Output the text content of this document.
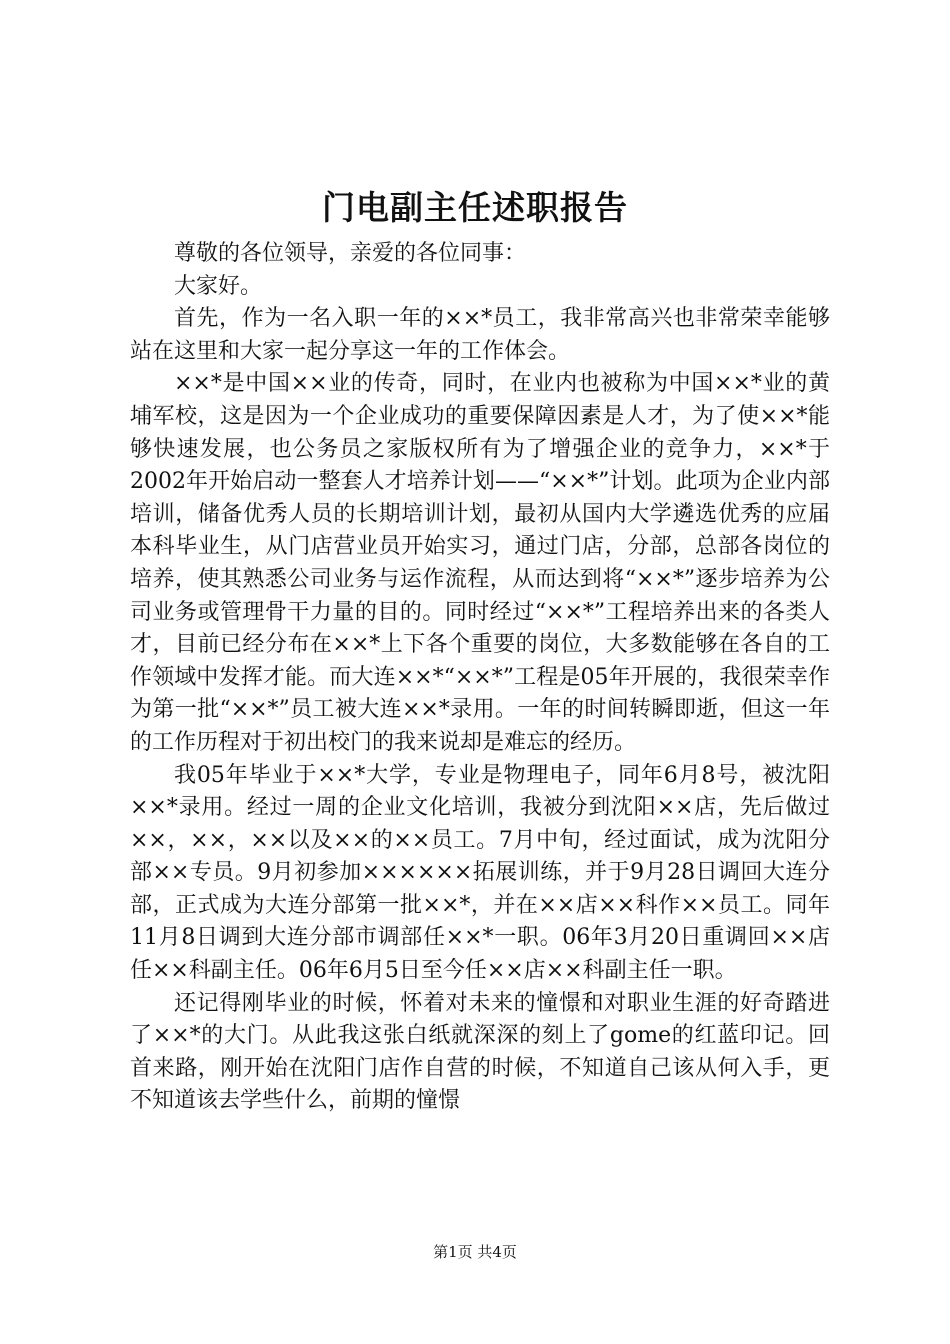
门电副主任述职报告

尊敬的各位领导，亲爱的各位同事：

大家好。

首先，作为一名入职一年的××*员工，我非常高兴也非常荣幸能够站在这里和大家一起分享这一年的工作体会。

××*是中国××业的传奇，同时，在业内也被称为中国××*业的黄埔军校，这是因为一个企业成功的重要保障因素是人才，为了使××*能够快速发展，也公务员之家版权所有为了增强企业的竞争力，××*于2002年开始启动一整套人才培养计划——“××*”计划。此项为企业内部培训，储备优秀人员的长期培训计划，最初从国内大学遴选优秀的应届本科毕业生，从门店营业员开始实习，通过门店，分部，总部各岗位的培养，使其熟悉公司业务与运作流程，从而达到将“××*”逐步培养为公司业务或管理骨干力量的目的。同时经过“××*”工程培养出来的各类人才，目前已经分布在××*上下各个重要的岗位，大多数能够在各自的工作领域中发挥才能。而大连××*“××*”工程是05年开展的，我很荣幸作为第一批“××*”员工被大连××*录用。一年的时间转瞬即逝，但这一年的工作历程对于初出校门的我来说却是难忘的经历。

我05年毕业于××*大学，专业是物理电子，同年6月8号，被沈阳××*录用。经过一周的企业文化培训，我被分到沈阳××店，先后做过××，××，××以及××的××员工。7月中旬，经过面试，成为沈阳分部××专员。9月初参加××××××拓展训练，并于9月28日调回大连分部，正式成为大连分部第一批××*，并在××店××科作××员工。同年11月8日调到大连分部市调部任××*一职。06年3月20日重调回××店任××科副主任。06年6月5日至今任××店××科副主任一职。

还记得刚毕业的时候，怀着对未来的憧憬和对职业生涯的好奇踏进了××*的大门。从此我这张白纸就深深的刻上了gome的红蓝印记。回首来路，刚开始在沈阳门店作自营的时候，不知道自己该从何入手，更不知道该去学些什么，前期的憧憬

第1页 共4页
